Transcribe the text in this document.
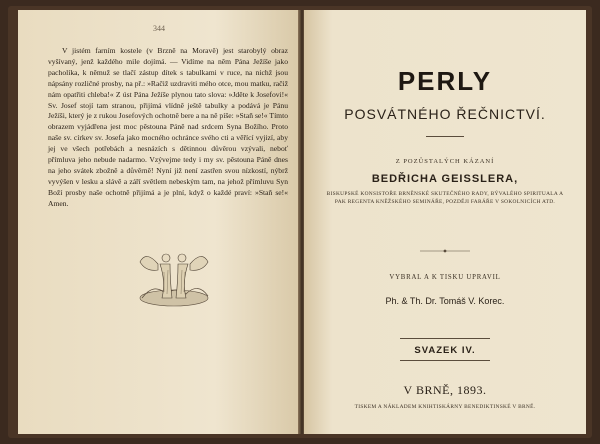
344

V jistém farním kostele (v Brzně na Moravě) jest starobylý obraz vyšívaný, jenž každého mile dojímá. — Vidíme na něm Pána Ježíše jako pacholíka, k němuž se tlačí zástup dítek s tabulkami v ruce, na nichž jsou nápsány rozličné prosby, na př.: »Račiž uzdraviti mého otce, mou matku, račiž nám opatřiti chleba!« Z úst Pána Ježíše plynou tato slova: »Jděte k Josefovi!« Sv. Josef stojí tam stranou, přijímá vlídně ještě tabulky a podává je Pánu Ježíši, který je z rukou Josefových ochotně bere a na ně píše: »Staň se!« Tímto obrazem vyjádřena jest moc pěstouna Páně nad srdcem Syna Božího. Proto naše sv. církev sv. Josefa jako mocného ochránce svého cti a věřící vyjizí, aby jej ve všech potřebách a nesnázích s dětinnou důvěrou vzývali, neboť přímluva jeho nebude nadarmo. Vzývejme tedy i my sv. pěstouna Páně dnes na jeho svátek zbožně a důvěrně! Nyní již není zastřen svou nízkostí, nýbrž vyvýšen v lesku a slávě a září světlem nebeským tam, na jehož přímluvu Syn Boží prosby naše ochotně přijímá a je plní, když o každé praví: »Staň se!« Amen.

PERLY
POSVÁTNÉHO ŘEČNICTVÍ.
Z POZŮSTALÝCH KÁZANÍ
BEDŘICHA GEISSLERA,
BISKUPSKÉ KONSISTOŘE BRNĚNSKÉ SKUTEČNÉHO RADY, BÝVALÉHO SPIRITUALA A PAK REGENTA KNĚŽSKÉHO SEMINÁŘE, POZDĚJI FARÁŘE V SOKOLNICÍCH ATD.
VYBRAL A K TISKU UPRAVIL
Ph. & Th. Dr. Tomáš V. Korec.
SVAZEK IV.
V BRNĚ, 1893.
TISKEM A NÁKLADEM KNIHTISKÁRNY BENEDIKTINSKÉ V BRNĚ.
